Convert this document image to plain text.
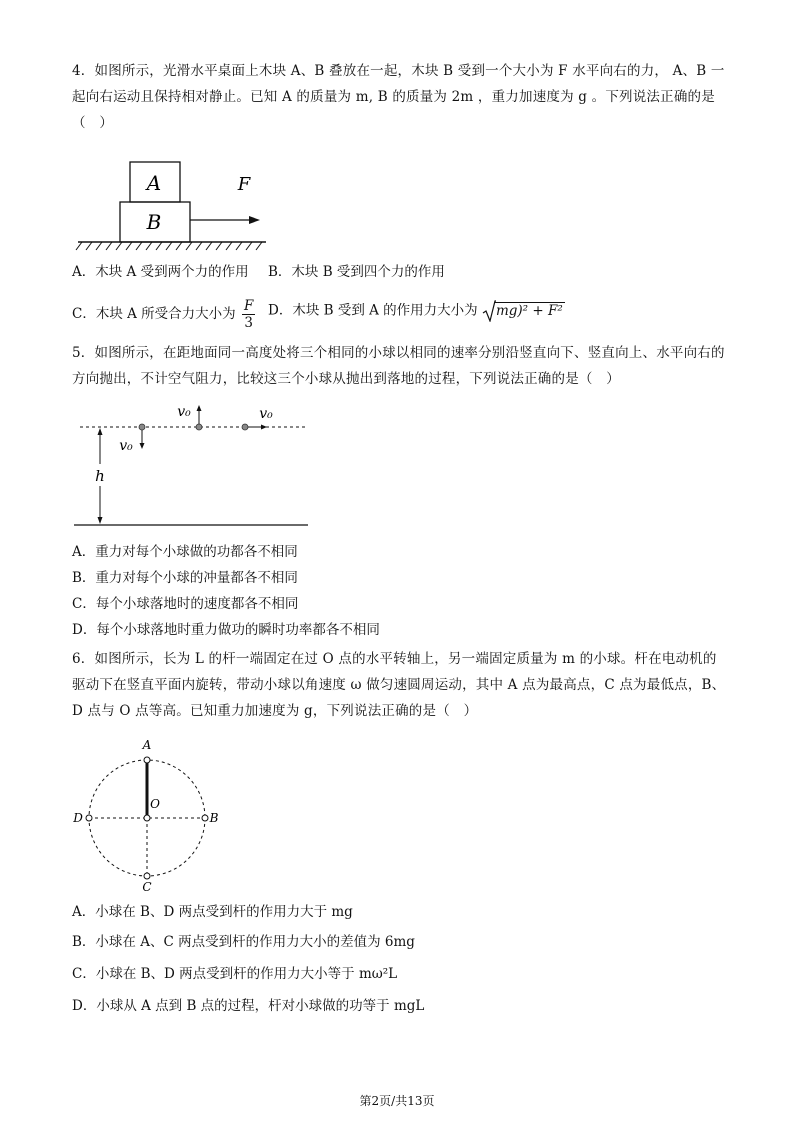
4．如图所示，光滑水平桌面上木块 A、B 叠放在一起，木块 B 受到一个大小为 F 水平向右的力， A、B 一起向右运动且保持相对静止。已知 A 的质量为 m, B 的质量为 2m ，重力加速度为 g 。下列说法正确的是（　）
A
B
F
A．木块 A 受到两个力的作用 B．木块 B 受到四个力的作用
C．木块 A 所受合力大小为 $\frac{F}{3}$ D．木块 B 受到 A 的作用力大小为 mg)² + F²
5．如图所示，在距地面同一高度处将三个相同的小球以相同的速率分别沿竖直向下、竖直向上、水平向右的方向抛出，不计空气阻力，比较这三个小球从抛出到落地的过程，下列说法正确的是（　）
v₀	v₀
v₀
h
A．重力对每个小球做的功都各不相同
B．重力对每个小球的冲量都各不相同
C．每个小球落地时的速度都各不相同
D．每个小球落地时重力做功的瞬时功率都各不相同
6．如图所示，长为 L 的杆一端固定在过 O 点的水平转轴上，另一端固定质量为 m 的小球。杆在电动机的驱动下在竖直平面内旋转，带动小球以角速度 ω 做匀速圆周运动，其中 A 点为最高点，C 点为最低点，B、D 点与 O 点等高。已知重力加速度为 g，下列说法正确的是（　）
A
B
C
D
O
A．小球在 B、D 两点受到杆的作用力大于 mg
B．小球在 A、C 两点受到杆的作用力大小的差值为 6mg
C．小球在 B、D 两点受到杆的作用力大小等于 mω²L
D．小球从 A 点到 B 点的过程，杆对小球做的功等于 mgL
第2页/共13页
